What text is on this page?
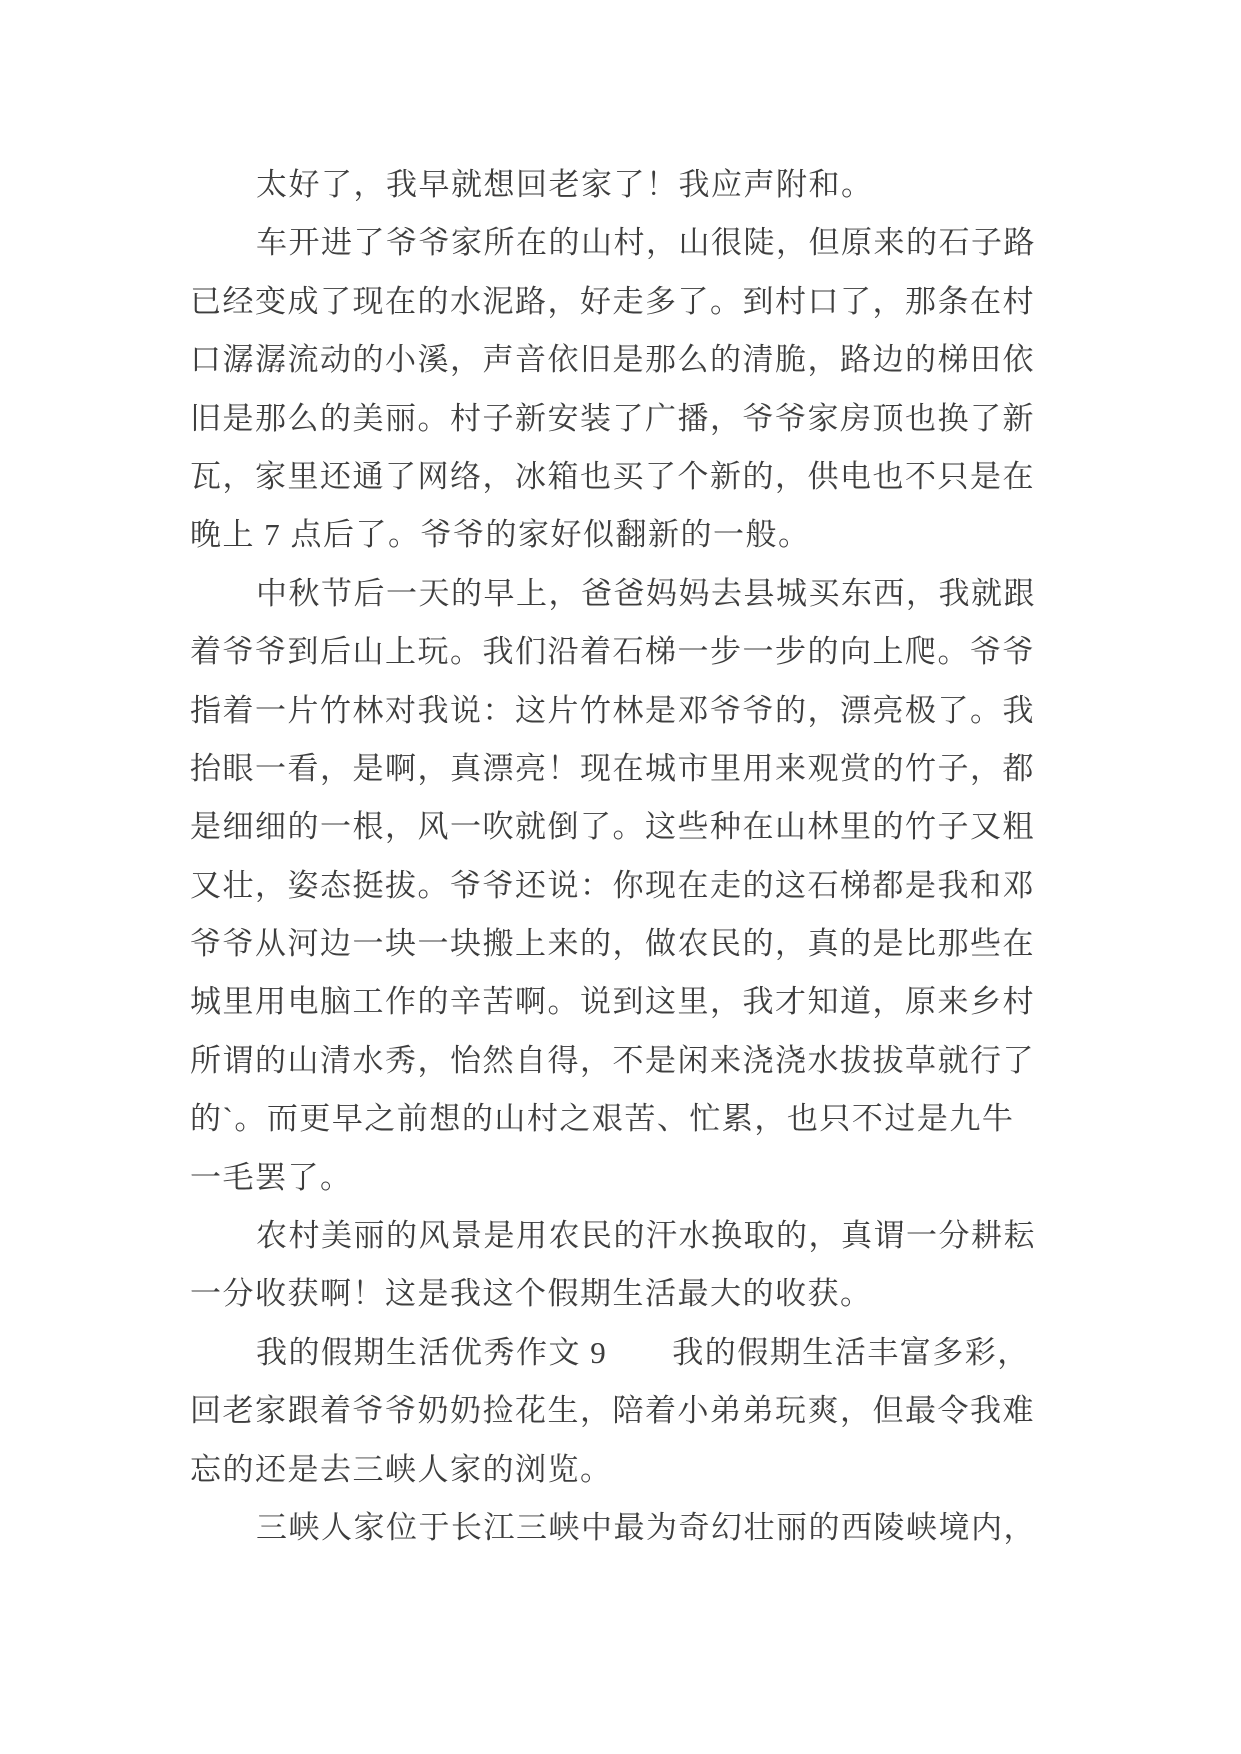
太好了，我早就想回老家了！我应声附和。
车开进了爷爷家所在的山村，山很陡，但原来的石子路
已经变成了现在的水泥路，好走多了。到村口了，那条在村
口潺潺流动的小溪，声音依旧是那么的清脆，路边的梯田依
旧是那么的美丽。村子新安装了广播，爷爷家房顶也换了新
瓦，家里还通了网络，冰箱也买了个新的，供电也不只是在
晚上 7 点后了。爷爷的家好似翻新的一般。
中秋节后一天的早上，爸爸妈妈去县城买东西，我就跟
着爷爷到后山上玩。我们沿着石梯一步一步的向上爬。爷爷
指着一片竹林对我说：这片竹林是邓爷爷的，漂亮极了。我
抬眼一看，是啊，真漂亮！现在城市里用来观赏的竹子，都
是细细的一根，风一吹就倒了。这些种在山林里的竹子又粗
又壮，姿态挺拔。爷爷还说：你现在走的这石梯都是我和邓
爷爷从河边一块一块搬上来的，做农民的，真的是比那些在
城里用电脑工作的辛苦啊。说到这里，我才知道，原来乡村
所谓的山清水秀，怡然自得，不是闲来浇浇水拔拔草就行了
的`。而更早之前想的山村之艰苦、忙累，也只不过是九牛
一毛罢了。
农村美丽的风景是用农民的汗水换取的，真谓一分耕耘
一分收获啊！这是我这个假期生活最大的收获。
我的假期生活优秀作文 9　　我的假期生活丰富多彩，
回老家跟着爷爷奶奶捡花生，陪着小弟弟玩爽，但最令我难
忘的还是去三峡人家的浏览。
三峡人家位于长江三峡中最为奇幻壮丽的西陵峡境内，
